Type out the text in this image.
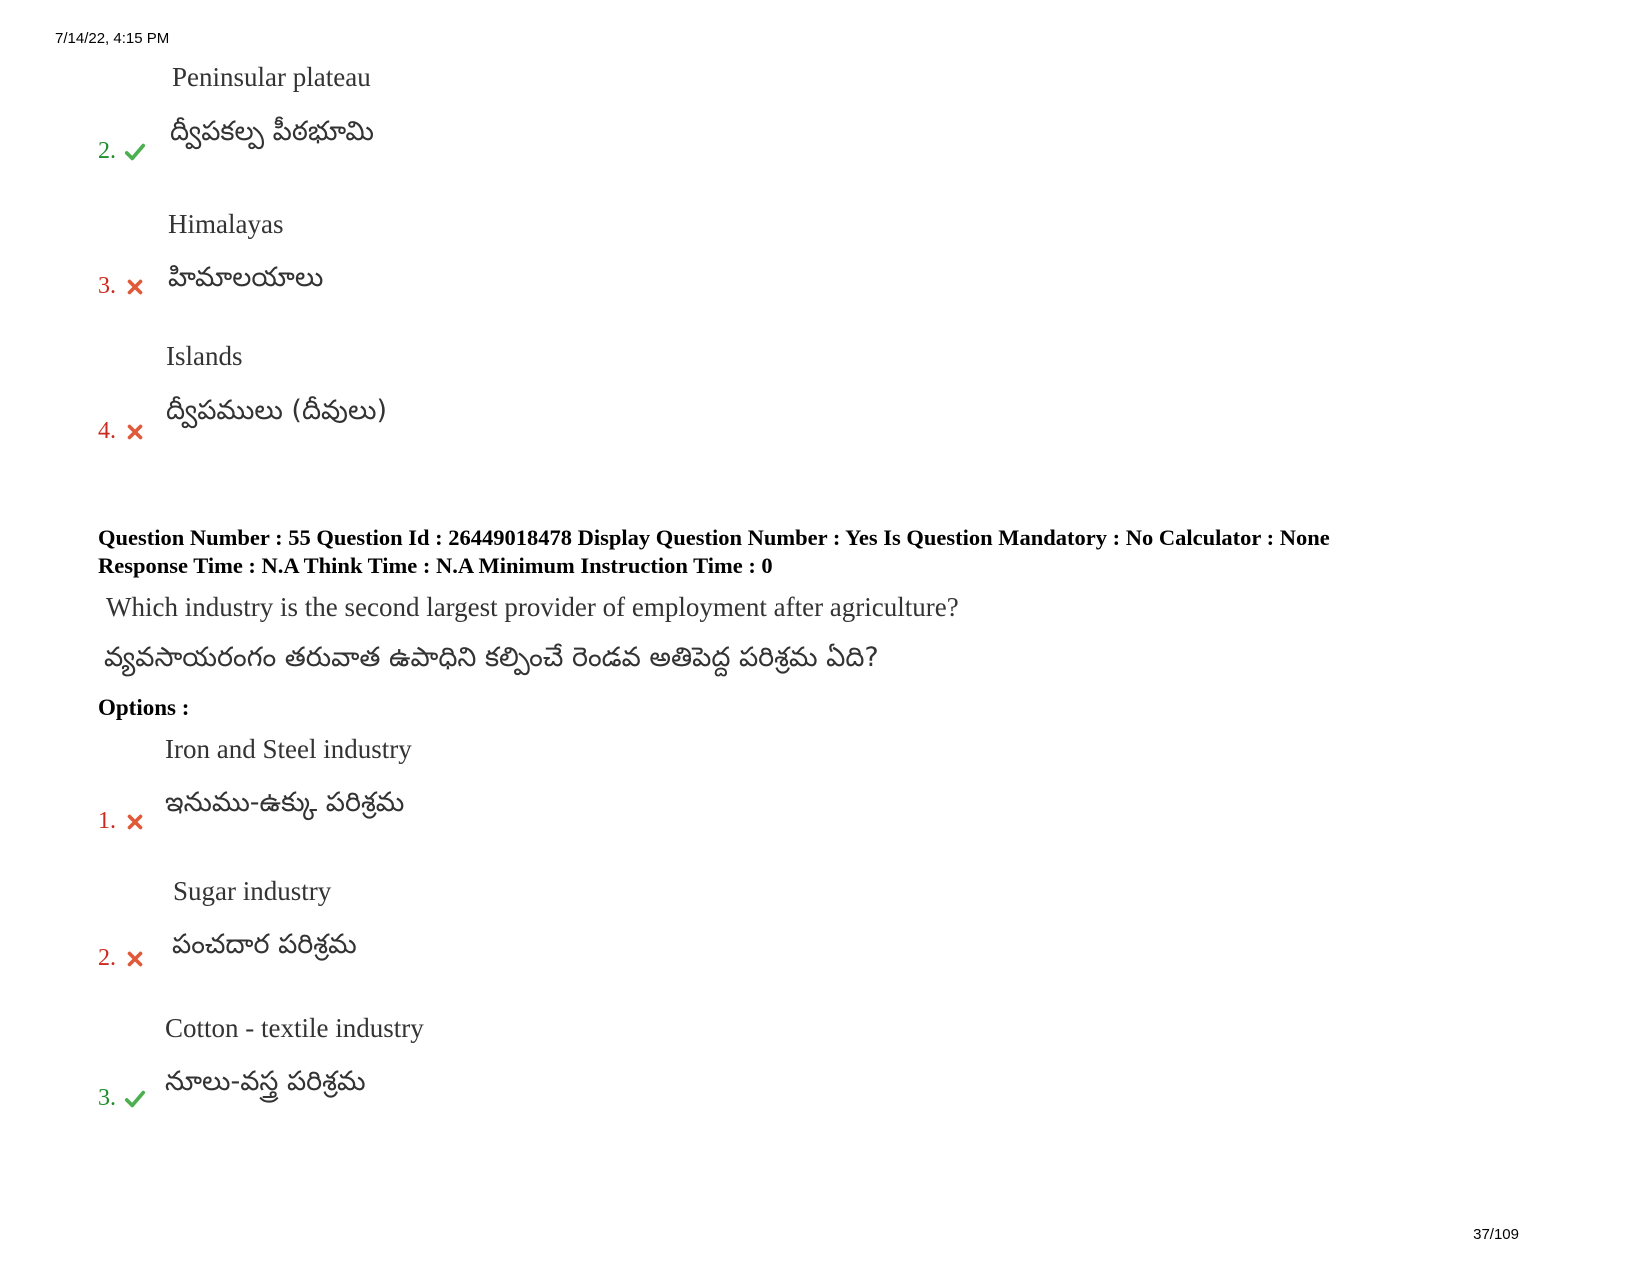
7/14/22, 4:15 PM
Peninsular plateau
ద్వీపకల్ప పీఠభూమి
2.
Himalayas
హిమాలయాలు
3.
Islands
ద్వీపములు (దీవులు)
4.
Question Number : 55 Question Id : 26449018478 Display Question Number : Yes Is Question Mandatory : No Calculator : None
Response Time : N.A Think Time : N.A Minimum Instruction Time : 0
Which industry is the second largest provider of employment after agriculture?
వ్యవసాయరంగం తరువాత ఉపాధిని కల్పించే రెండవ అతిపెద్ద పరిశ్రమ ఏది?
Options :
Iron and Steel industry
ఇనుము-ఉక్కు పరిశ్రమ
1.
Sugar industry
పంచదార పరిశ్రమ
2.
Cotton - textile industry
నూలు-వస్త్ర పరిశ్రమ
3.
37/109
